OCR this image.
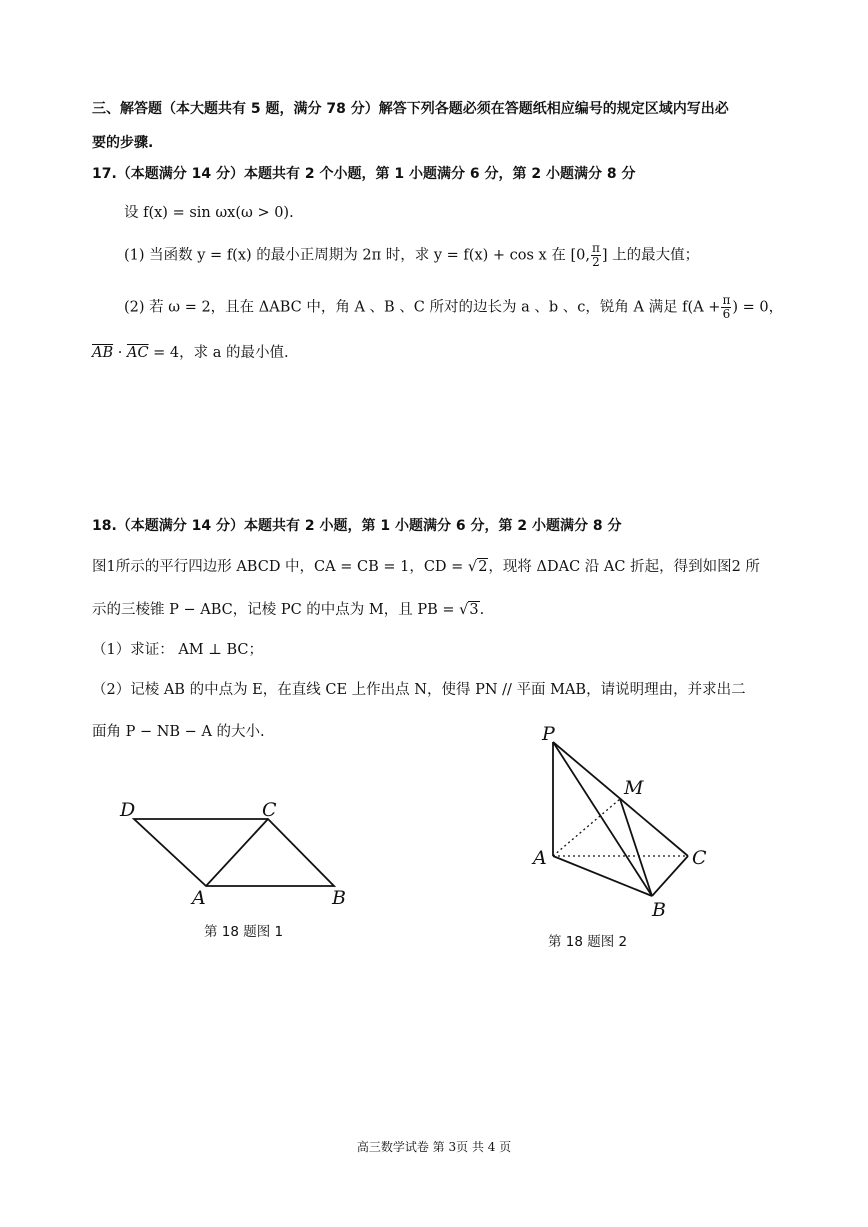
三、解答题（本大题共有 5 题，满分 78 分）解答下列各题必须在答题纸相应编号的规定区域内写出必
要的步骤.
17.（本题满分 14 分）本题共有 2 个小题，第 1 小题满分 6 分，第 2 小题满分 8 分
设 f(x) = sin ωx(ω > 0).
(1) 当函数 y = f(x) 的最小正周期为 2π 时，求 y = f(x) + cos x 在 [0, $\frac{\pi}{2}$ ] 上的最大值；
(2) 若 ω = 2，且在 ΔABC 中，角 A 、B 、C 所对的边长为 a 、b 、c，锐角 A 满足 $f(A + \frac{\pi}{6}$ ) = 0，
$\overline{AB} \cdot \overline{AC} = 4$，求 a 的最小值.
18.（本题满分 14 分）本题共有 2 小题，第 1 小题满分 6 分，第 2 小题满分 8 分
图1所示的平行四边形 ABCD 中，CA = CB = 1，CD = √2，现将 ΔDAC 沿 AC 折起，得到如图2 所
示的三棱锥 P − ABC，记棱 PC 的中点为 M，且 PB = √3.
（1）求证： AM ⊥ BC；
（2）记棱 AB 的中点为 E，在直线 CE 上作出点 N，使得 PN // 平面 MAB，请说明理由，并求出二
面角 P − NB − A 的大小.
D	C
A	B
第 18 题图 1
P
M
A	C
B
第 18 题图 2
高三数学试卷 第 3页 共 4 页
